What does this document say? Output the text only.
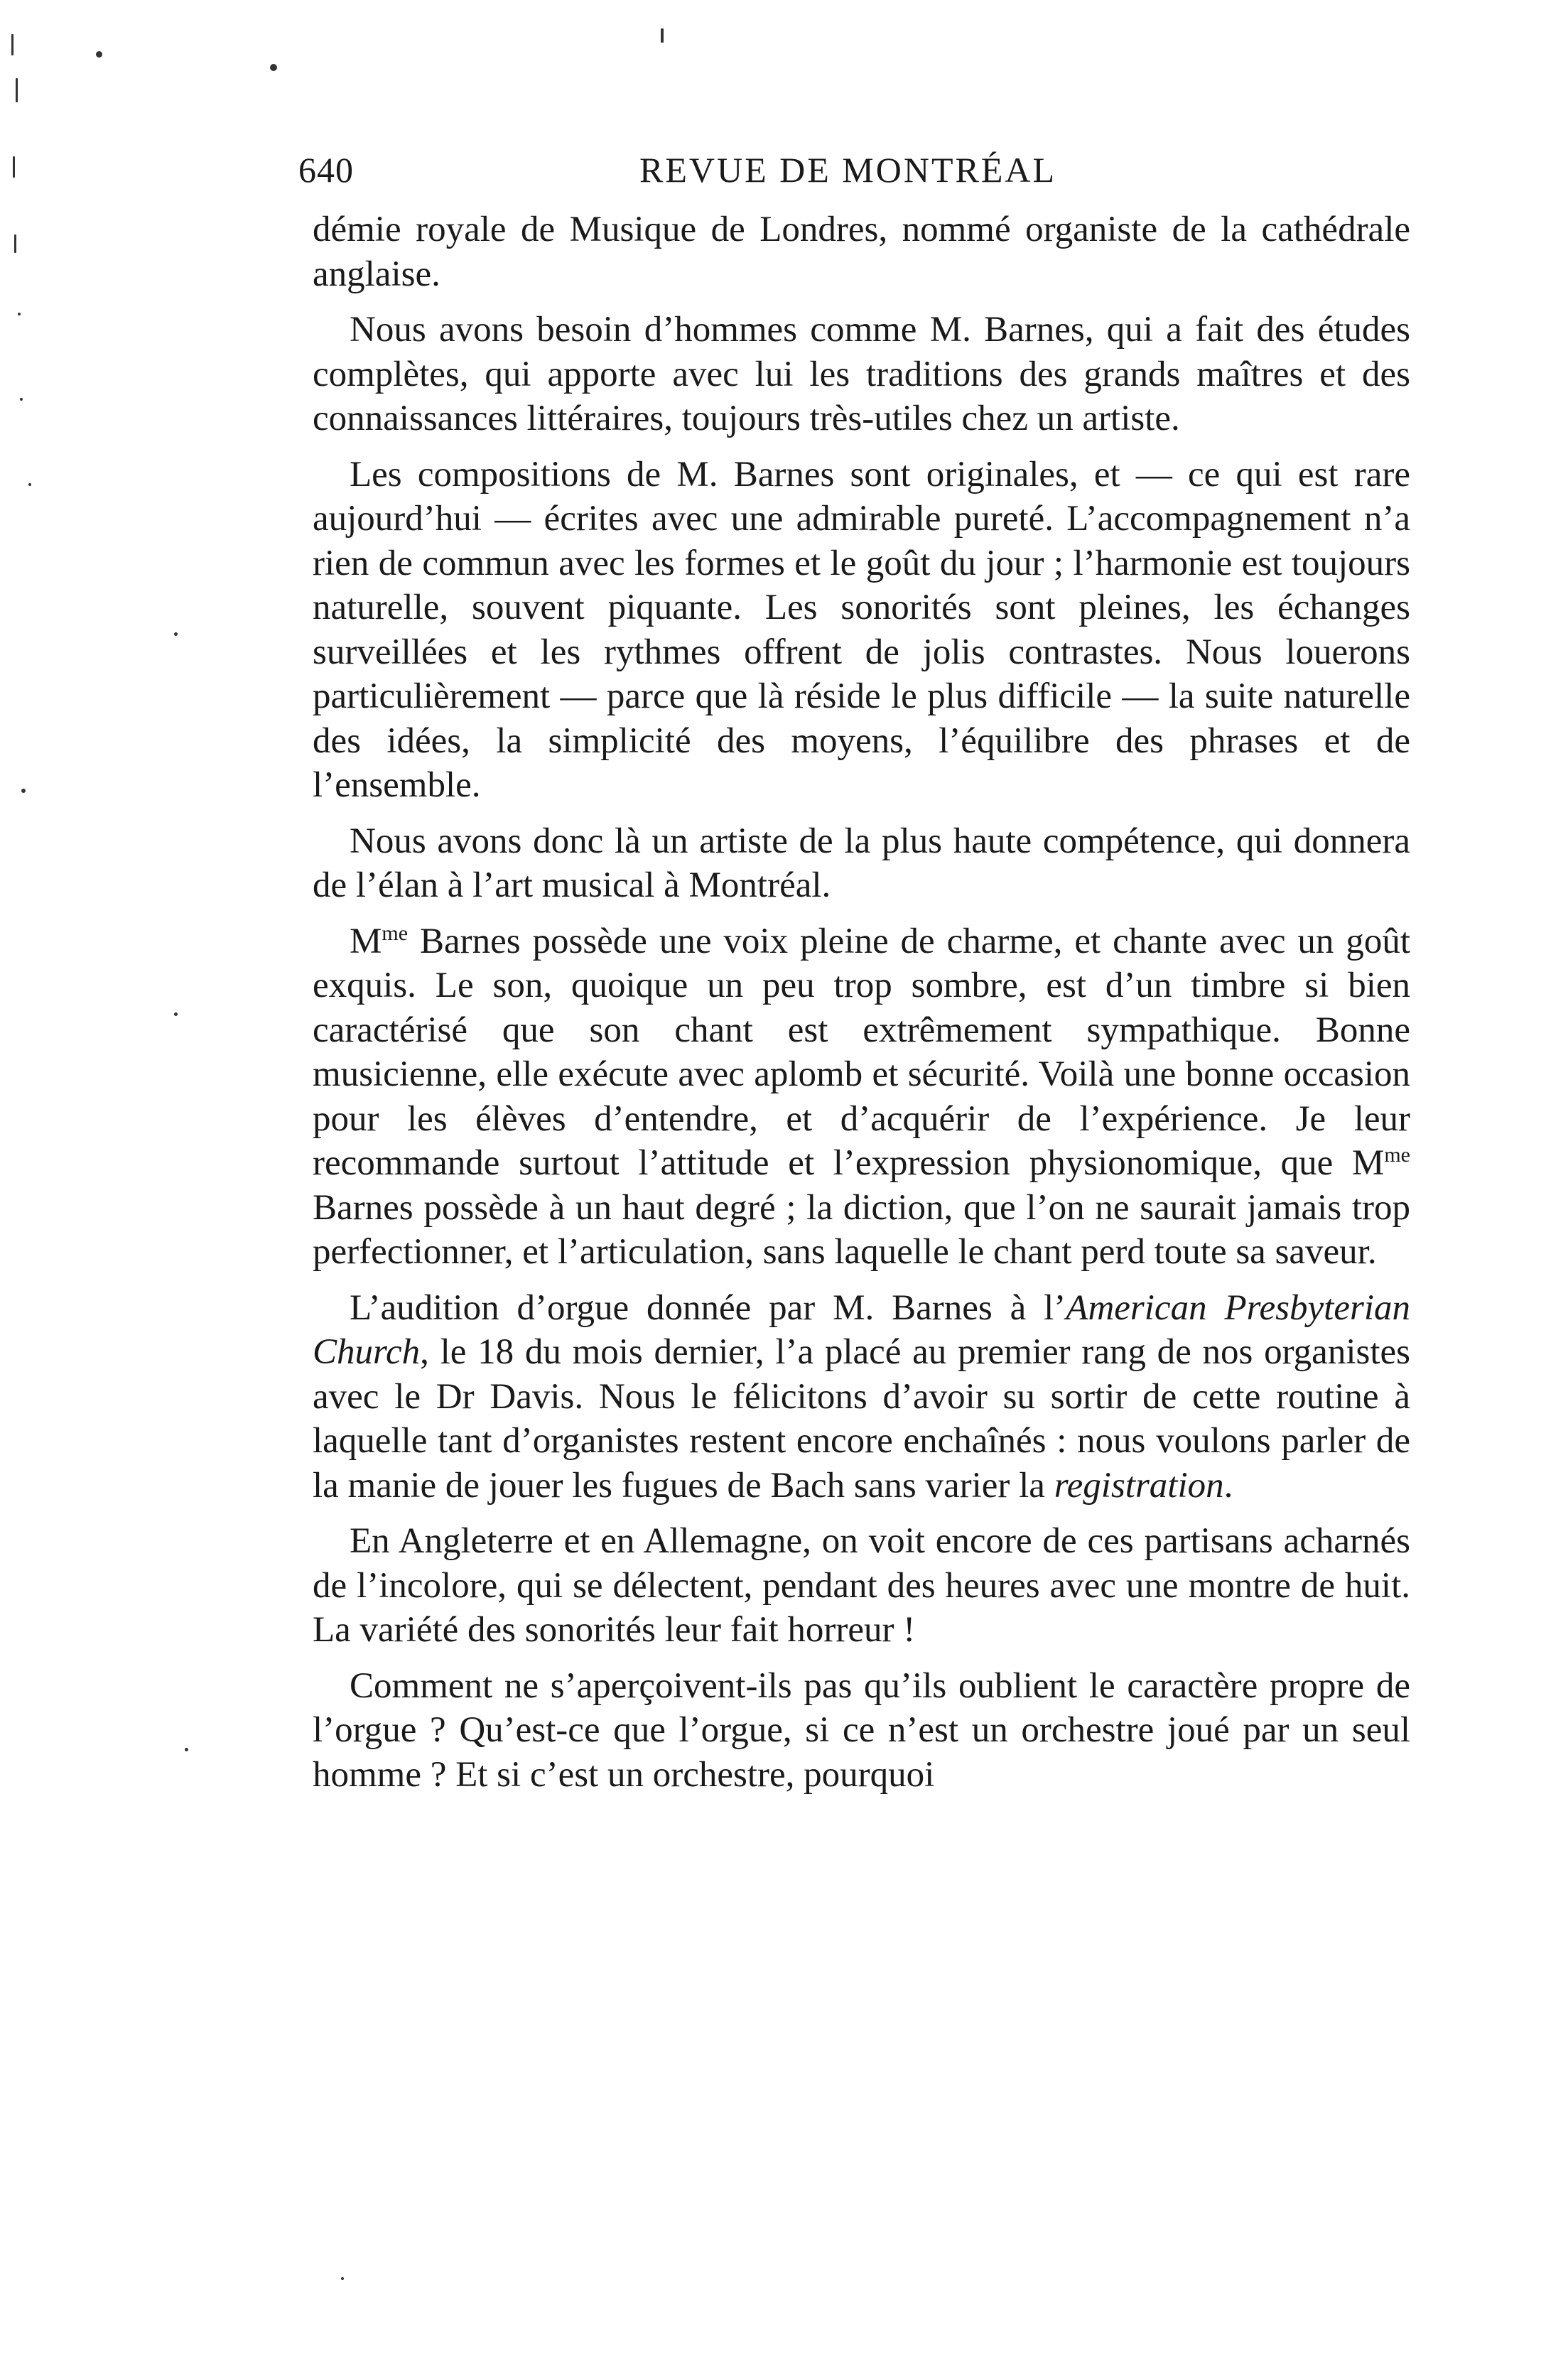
640	REVUE DE MONTRÉAL

démie royale de Musique de Londres, nommé organiste de la cathédrale anglaise.

Nous avons besoin d’hommes comme M. Barnes, qui a fait des études complètes, qui apporte avec lui les traditions des grands maîtres et des connaissances littéraires, toujours très-utiles chez un artiste.

Les compositions de M. Barnes sont originales, et — ce qui est rare aujourd’hui — écrites avec une admirable pureté. L’accompagnement n’a rien de commun avec les formes et le goût du jour ; l’harmonie est toujours naturelle, souvent piquante. Les sonorités sont pleines, les échanges surveillées et les rythmes offrent de jolis contrastes. Nous louerons particulièrement — parce que là réside le plus difficile — la suite naturelle des idées, la simplicité des moyens, l’équilibre des phrases et de l’ensemble.

Nous avons donc là un artiste de la plus haute compétence, qui donnera de l’élan à l’art musical à Montréal.

$M^{me}$ Barnes possède une voix pleine de charme, et chante avec un goût exquis. Le son, quoique un peu trop sombre, est d’un timbre si bien caractérisé que son chant est extrêmement sympathique. Bonne musicienne, elle exécute avec aplomb et sécurité. Voilà une bonne occasion pour les élèves d’entendre, et d’acquérir de l’expérience. Je leur recommande surtout l’attitude et l’expression physionomique, que $M^{me}$ Barnes possède à un haut degré ; la diction, que l’on ne saurait jamais trop perfectionner, et l’articulation, sans laquelle le chant perd toute sa saveur.

L’audition d’orgue donnée par M. Barnes à l’American Presbyterian Church, le 18 du mois dernier, l’a placé au premier rang de nos organistes avec le Dr Davis. Nous le félicitons d’avoir su sortir de cette routine à laquelle tant d’organistes restent encore enchaînés : nous voulons parler de la manie de jouer les fugues de Bach sans varier la registration.

En Angleterre et en Allemagne, on voit encore de ces partisans acharnés de l’incolore, qui se délectent, pendant des heures avec une montre de huit. La variété des sonorités leur fait horreur !

Comment ne s’aperçoivent-ils pas qu’ils oublient le caractère propre de l’orgue ? Qu’est-ce que l’orgue, si ce n’est un orchestre joué par un seul homme ? Et si c’est un orchestre, pourquoi
